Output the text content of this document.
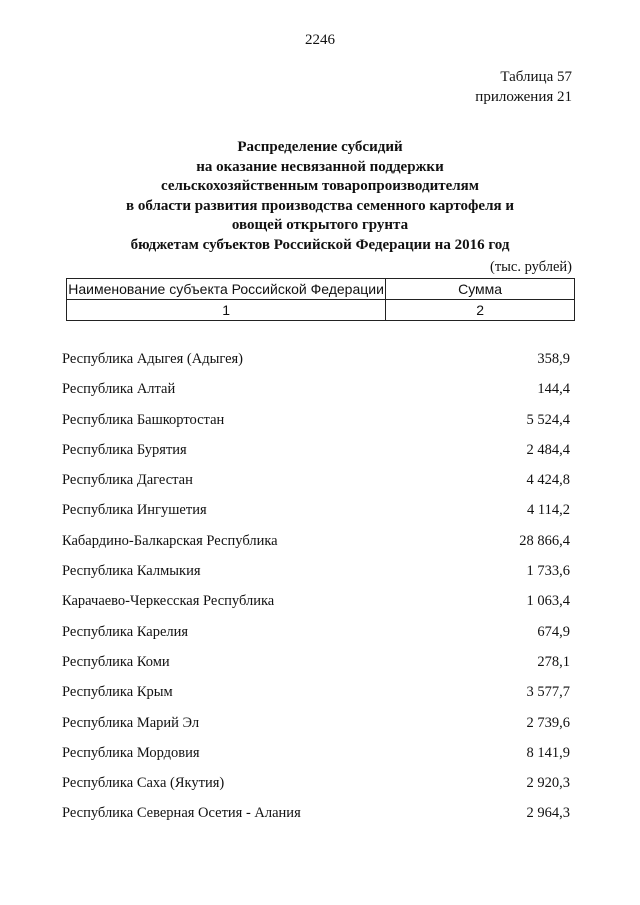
2246
Таблица 57
приложения 21
Распределение субсидий
на оказание несвязанной поддержки
сельскохозяйственным товаропроизводителям
в области развития производства семенного картофеля и
овощей открытого грунта
бюджетам субъектов Российской Федерации на 2016 год
(тыс. рублей)
Наименование субъекта Российской Федерации	Сумма
1	2
Республика Адыгея (Адыгея)	358,9
Республика Алтай	144,4
Республика Башкортостан	5 524,4
Республика Бурятия	2 484,4
Республика Дагестан	4 424,8
Республика Ингушетия	4 114,2
Кабардино-Балкарская Республика	28 866,4
Республика Калмыкия	1 733,6
Карачаево-Черкесская Республика	1 063,4
Республика Карелия	674,9
Республика Коми	278,1
Республика Крым	3 577,7
Республика Марий Эл	2 739,6
Республика Мордовия	8 141,9
Республика Саха (Якутия)	2 920,3
Республика Северная Осетия - Алания	2 964,3
